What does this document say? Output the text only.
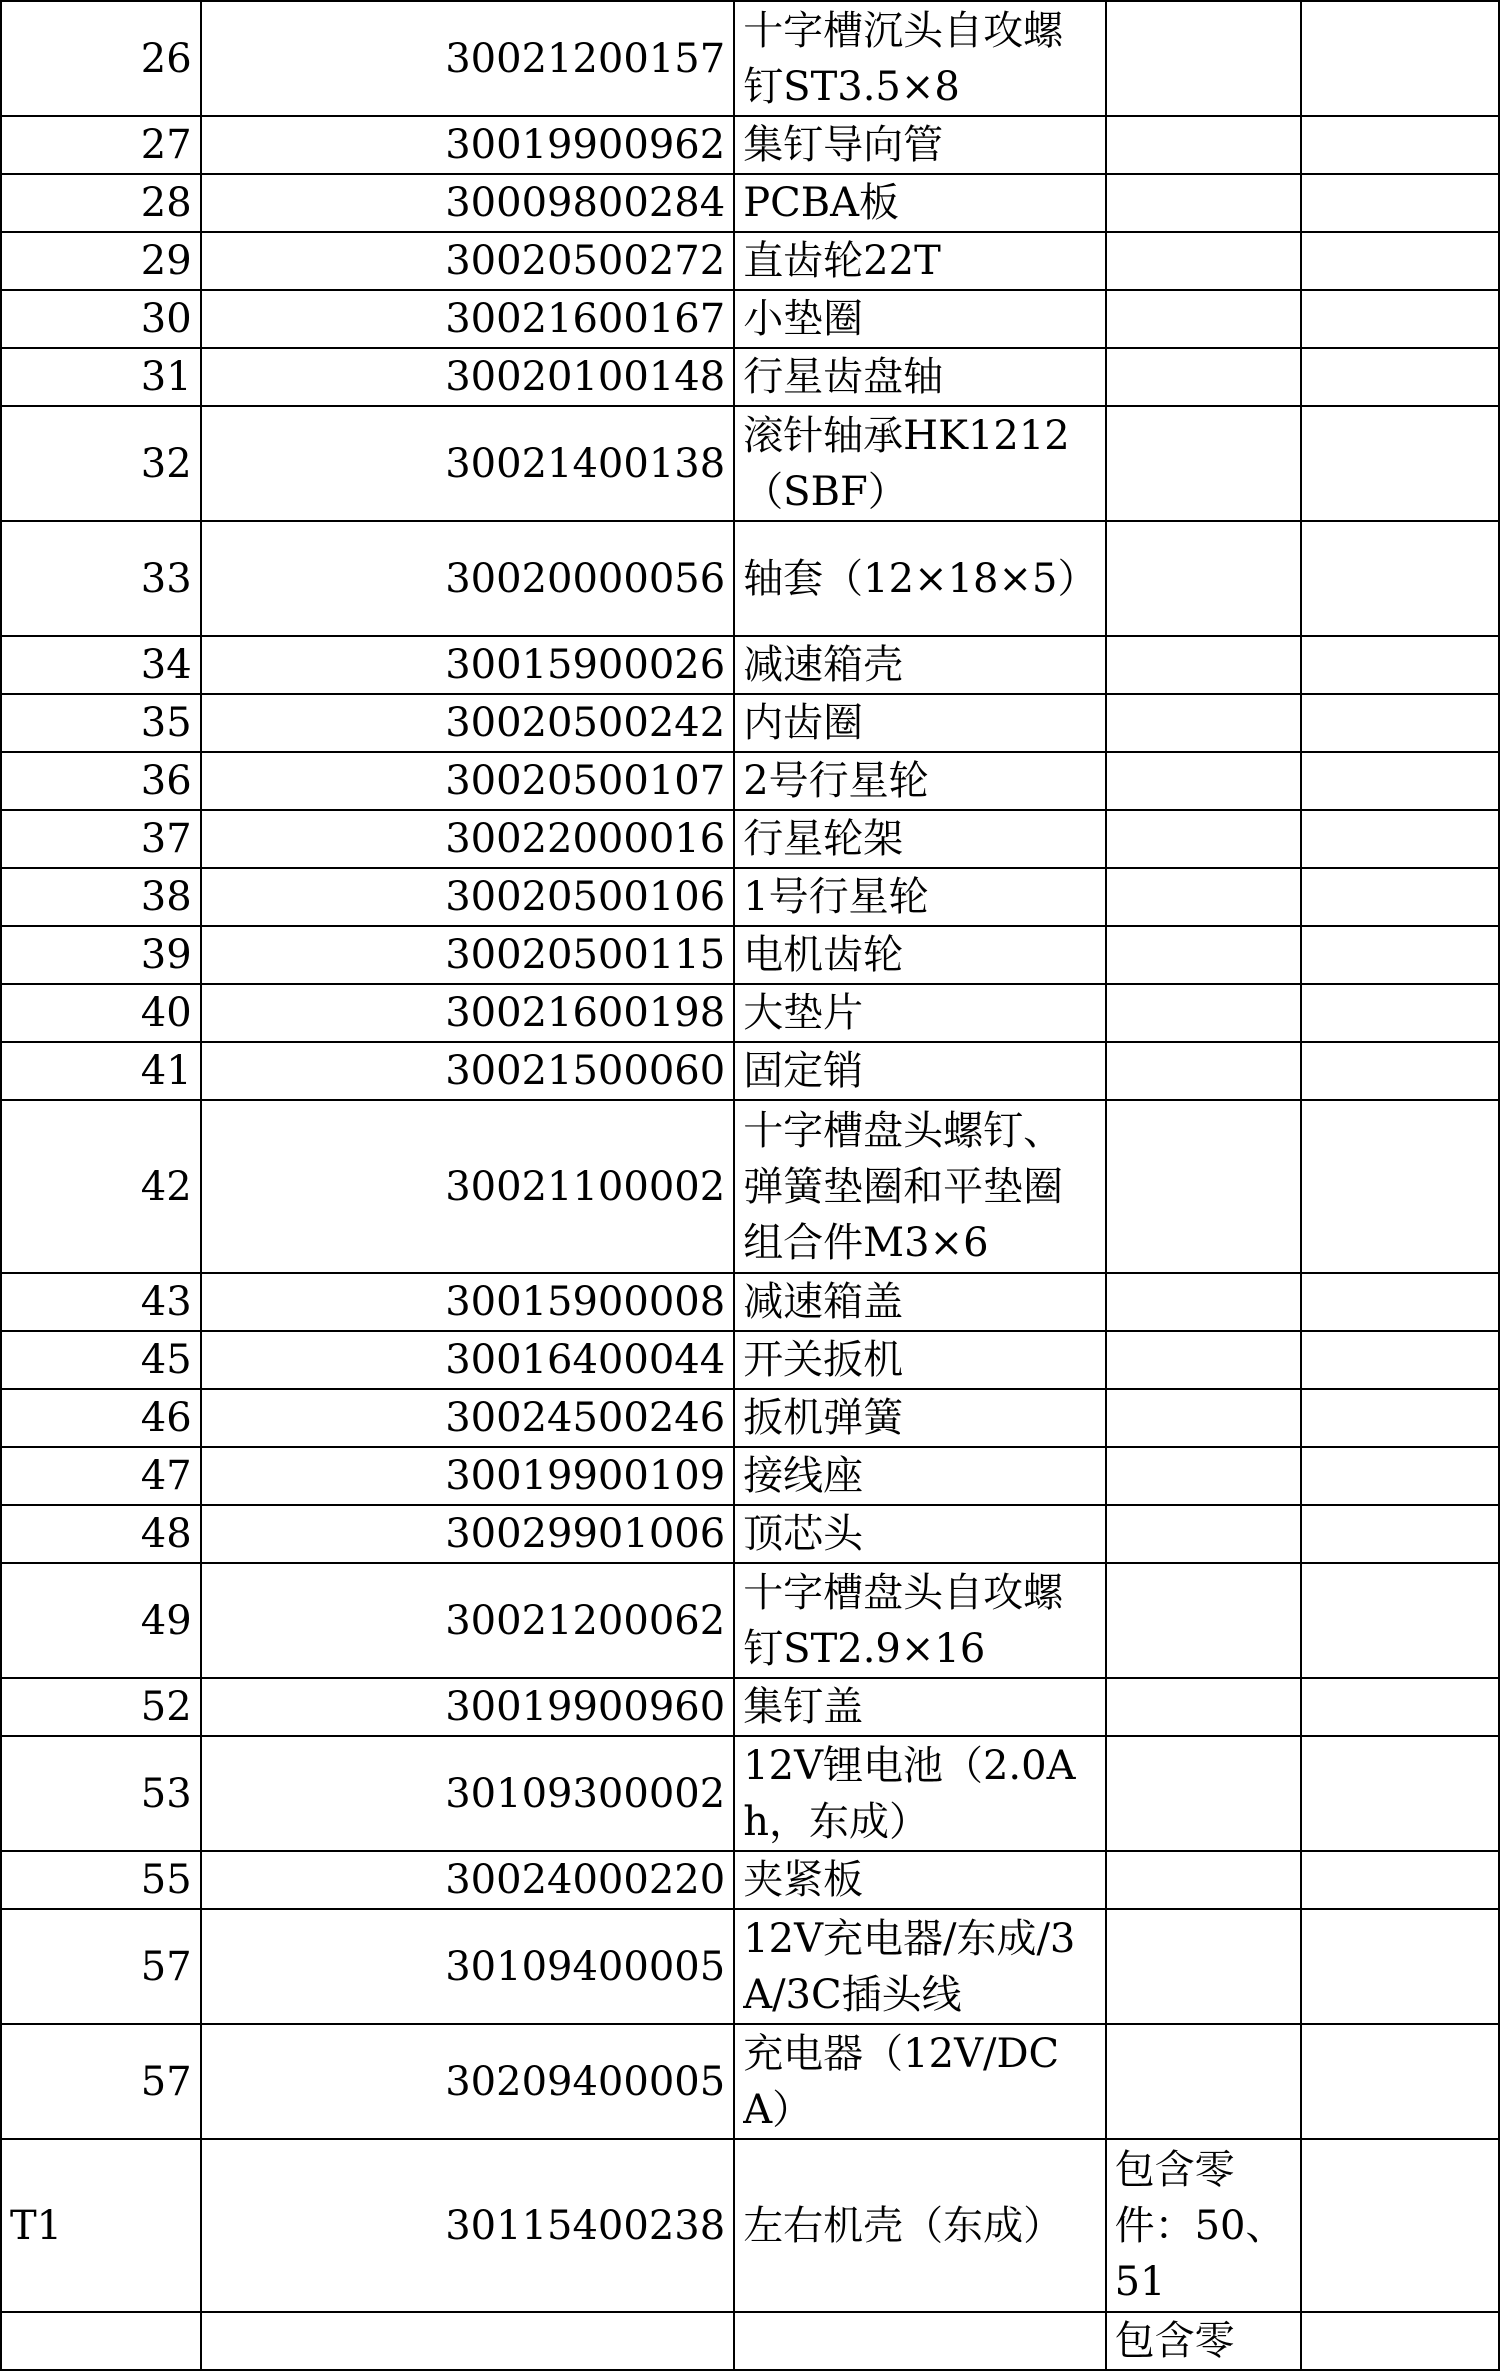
26	30021200157	十字槽沉头自攻螺钉ST3.5×8		
27	30019900962	集钉导向管		
28	30009800284	PCBA板		
29	30020500272	直齿轮22T		
30	30021600167	小垫圈		
31	30020100148	行星齿盘轴		
32	30021400138	滚针轴承HK1212（SBF）		
33	30020000056	轴套（12×18×5）		
34	30015900026	减速箱壳		
35	30020500242	内齿圈		
36	30020500107	2号行星轮		
37	30022000016	行星轮架		
38	30020500106	1号行星轮		
39	30020500115	电机齿轮		
40	30021600198	大垫片		
41	30021500060	固定销		
42	30021100002	十字槽盘头螺钉、弹簧垫圈和平垫圈组合件M3×6		
43	30015900008	减速箱盖		
45	30016400044	开关扳机		
46	30024500246	扳机弹簧		
47	30019900109	接线座		
48	30029901006	顶芯头		
49	30021200062	十字槽盘头自攻螺钉ST2.9×16		
52	30019900960	集钉盖		
53	30109300002	12V锂电池（2.0Ah，东成）		
55	30024000220	夹紧板		
57	30109400005	12V充电器/东成/3A/3C插头线		
57	30209400005	充电器（12V/DCA）		
T1	30115400238	左右机壳（东成）	包含零件：50、51	
			包含零	
